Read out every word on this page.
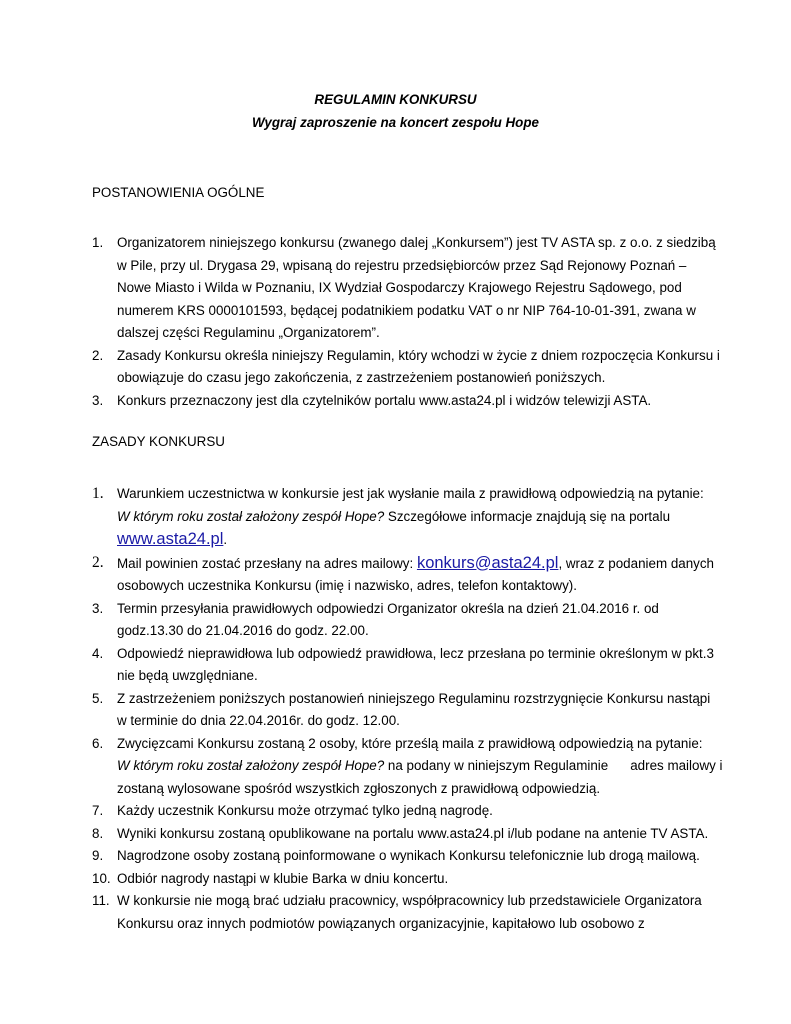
REGULAMIN KONKURSU
Wygraj zaproszenie na koncert zespołu Hope
POSTANOWIENIA OGÓLNE
1. Organizatorem niniejszego konkursu (zwanego dalej „Konkursem”) jest TV ASTA sp. z o.o. z siedzibą
w Pile, przy ul. Drygasa 29, wpisaną do rejestru przedsiębiorców przez Sąd Rejonowy Poznań –
Nowe Miasto i Wilda w Poznaniu, IX Wydział Gospodarczy Krajowego Rejestru Sądowego, pod
numerem KRS 0000101593, będącej podatnikiem podatku VAT o nr NIP 764-10-01-391, zwana w
dalszej części Regulaminu „Organizatorem”.
2. Zasady Konkursu określa niniejszy Regulamin, który wchodzi w życie z dniem rozpoczęcia Konkursu i
obowiązuje do czasu jego zakończenia, z zastrzeżeniem postanowień poniższych.
3. Konkurs przeznaczony jest dla czytelników portalu www.asta24.pl i widzów telewizji ASTA.
ZASADY KONKURSU
1. Warunkiem uczestnictwa w konkursie jest jak wysłanie maila z prawidłową odpowiedzią na pytanie:
W którym roku został założony zespół Hope? Szczegółowe informacje znajdują się na portalu
www.asta24.pl.
2. Mail powinien zostać przesłany na adres mailowy: konkurs@asta24.pl, wraz z podaniem danych
osobowych uczestnika Konkursu (imię i nazwisko, adres, telefon kontaktowy).
3. Termin przesyłania prawidłowych odpowiedzi Organizator określa na dzień 21.04.2016 r. od
godz.13.30 do 21.04.2016 do godz. 22.00.
4. Odpowiedź nieprawidłowa lub odpowiedź prawidłowa, lecz przesłana po terminie określonym w pkt.3
nie będą uwzględniane.
5. Z zastrzeżeniem poniższych postanowień niniejszego Regulaminu rozstrzygnięcie Konkursu nastąpi
w terminie do dnia 22.04.2016r. do godz. 12.00.
6. Zwycięzcami Konkursu zostaną 2 osoby, które prześlą maila z prawidłową odpowiedzią na pytanie:
W którym roku został założony zespół Hope? na podany w niniejszym Regulaminie adres mailowy i
zostaną wylosowane spośród wszystkich zgłoszonych z prawidłową odpowiedzią.
7. Każdy uczestnik Konkursu może otrzymać tylko jedną nagrodę.
8. Wyniki konkursu zostaną opublikowane na portalu www.asta24.pl i/lub podane na antenie TV ASTA.
9. Nagrodzone osoby zostaną poinformowane o wynikach Konkursu telefonicznie lub drogą mailową.
10. Odbiór nagrody nastąpi w klubie Barka w dniu koncertu.
11. W konkursie nie mogą brać udziału pracownicy, współpracownicy lub przedstawiciele Organizatora
Konkursu oraz innych podmiotów powiązanych organizacyjnie, kapitałowo lub osobowo z
